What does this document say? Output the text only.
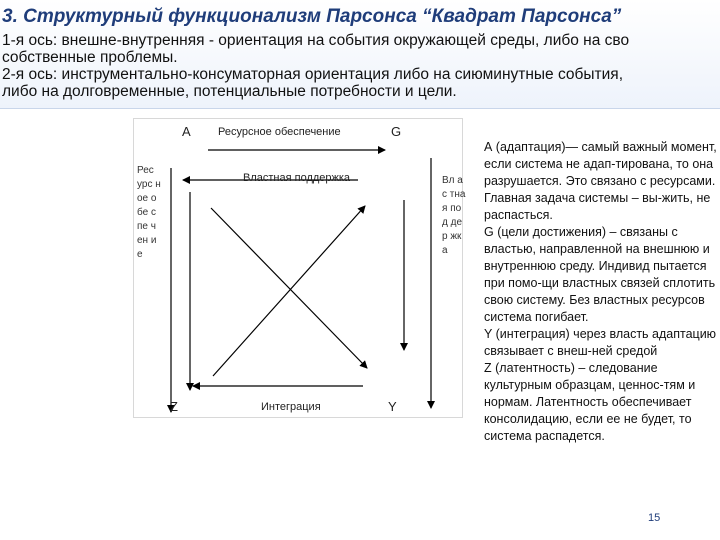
3. Структурный функционализм Парсонса “Квадрат Парсонса”
1-я ось: внешне-внутренняя - ориентация на события окружающей среды, либо на сво
собственные проблемы.
2-я ось: инструментально-консуматорная ориентация либо на сиюминутные события,
либо на долговременные, потенциальные потребности и цели.
A Ресурсное обеспечение	G
Властная поддержка
Рес урс ное обе спе чен ие
Вл ас тна я под дер жка
Z	Интеграция	Y

А (адаптация)— самый важный момент, если система не адап-тирована, то она разрушается. Это связано с ресурсами. Главная задача системы – вы-жить, не распасться.

G (цели достижения) – связаны с властью, направленной на внешнюю и внутреннюю среду. Индивид пытается при помо-щи властных связей сплотить свою систему. Без властных ресурсов система погибает.

Y (интеграция) через власть адаптацию связывает с внеш-ней средой

Z (латентность) – следование культурным образцам, ценнос-тям и нормам. Латентность обеспечивает консолидацию, если ее не будет, то система распадется.

15
